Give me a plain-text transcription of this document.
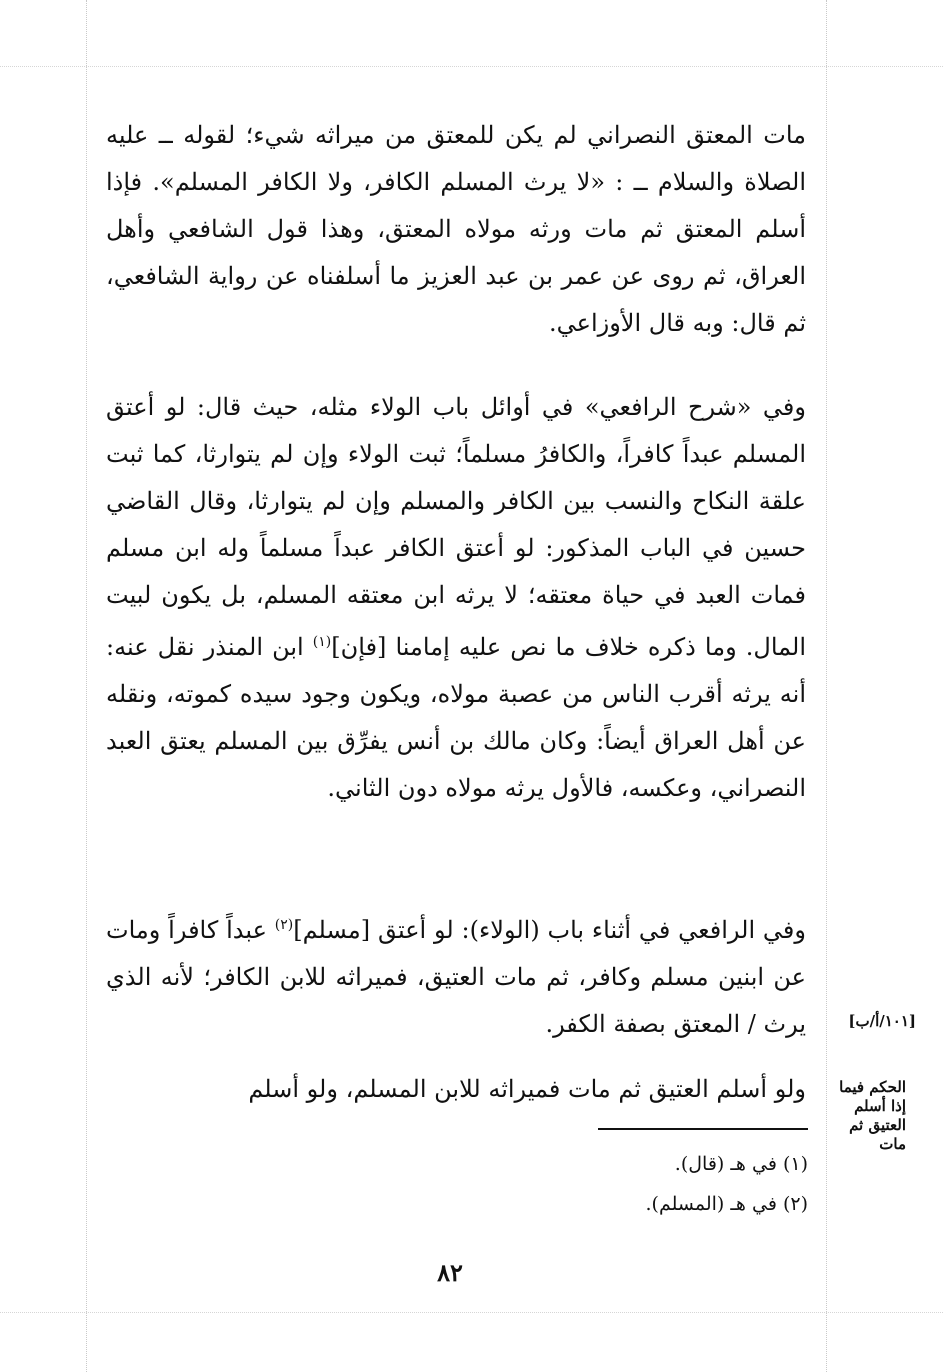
مات المعتق النصراني لم يكن للمعتق من ميراثه شيء؛ لقوله ــ عليه الصلاة والسلام ــ : «لا يرث المسلم الكافر، ولا الكافر المسلم». فإذا أسلم المعتق ثم مات ورثه مولاه المعتق، وهذا قول الشافعي وأهل العراق، ثم روى عن عمر بن عبد العزيز ما أسلفناه عن رواية الشافعي، ثم قال: وبه قال الأوزاعي.

وفي «شرح الرافعي» في أوائل باب الولاء مثله، حيث قال: لو أعتق المسلم عبداً كافراً، والكافرُ مسلماً؛ ثبت الولاء وإن لم يتوارثا، كما ثبت علقة النكاح والنسب بين الكافر والمسلم وإن لم يتوارثا، وقال القاضي حسين في الباب المذكور: لو أعتق الكافر عبداً مسلماً وله ابن مسلم فمات العبد في حياة معتقه؛ لا يرثه ابن معتقه المسلم، بل يكون لبيت المال. وما ذكره خلاف ما نص عليه إمامنا [فإن]$^{(١)}$ ابن المنذر نقل عنه: أنه يرثه أقرب الناس من عصبة مولاه، ويكون وجود سيده كموته، ونقله عن أهل العراق أيضاً: وكان مالك بن أنس يفرِّق بين المسلم يعتق العبد النصراني، وعكسه، فالأول يرثه مولاه دون الثاني.

وفي الرافعي في أثناء باب (الولاء): لو أعتق [مسلم]$^{(٢)}$ عبداً كافراً ومات عن ابنين مسلم وكافر، ثم مات العتيق، فميراثه للابن الكافر؛ لأنه الذي يرث / المعتق بصفة الكفر.

ولو أسلم العتيق ثم مات فميراثه للابن المسلم، ولو أسلم

[١٠١/أ/ب]
الحكم فيما إذا أسلم العتيق ثم مات

(١) في هـ (قال).

(٢) في هـ (المسلم).

٨٢
